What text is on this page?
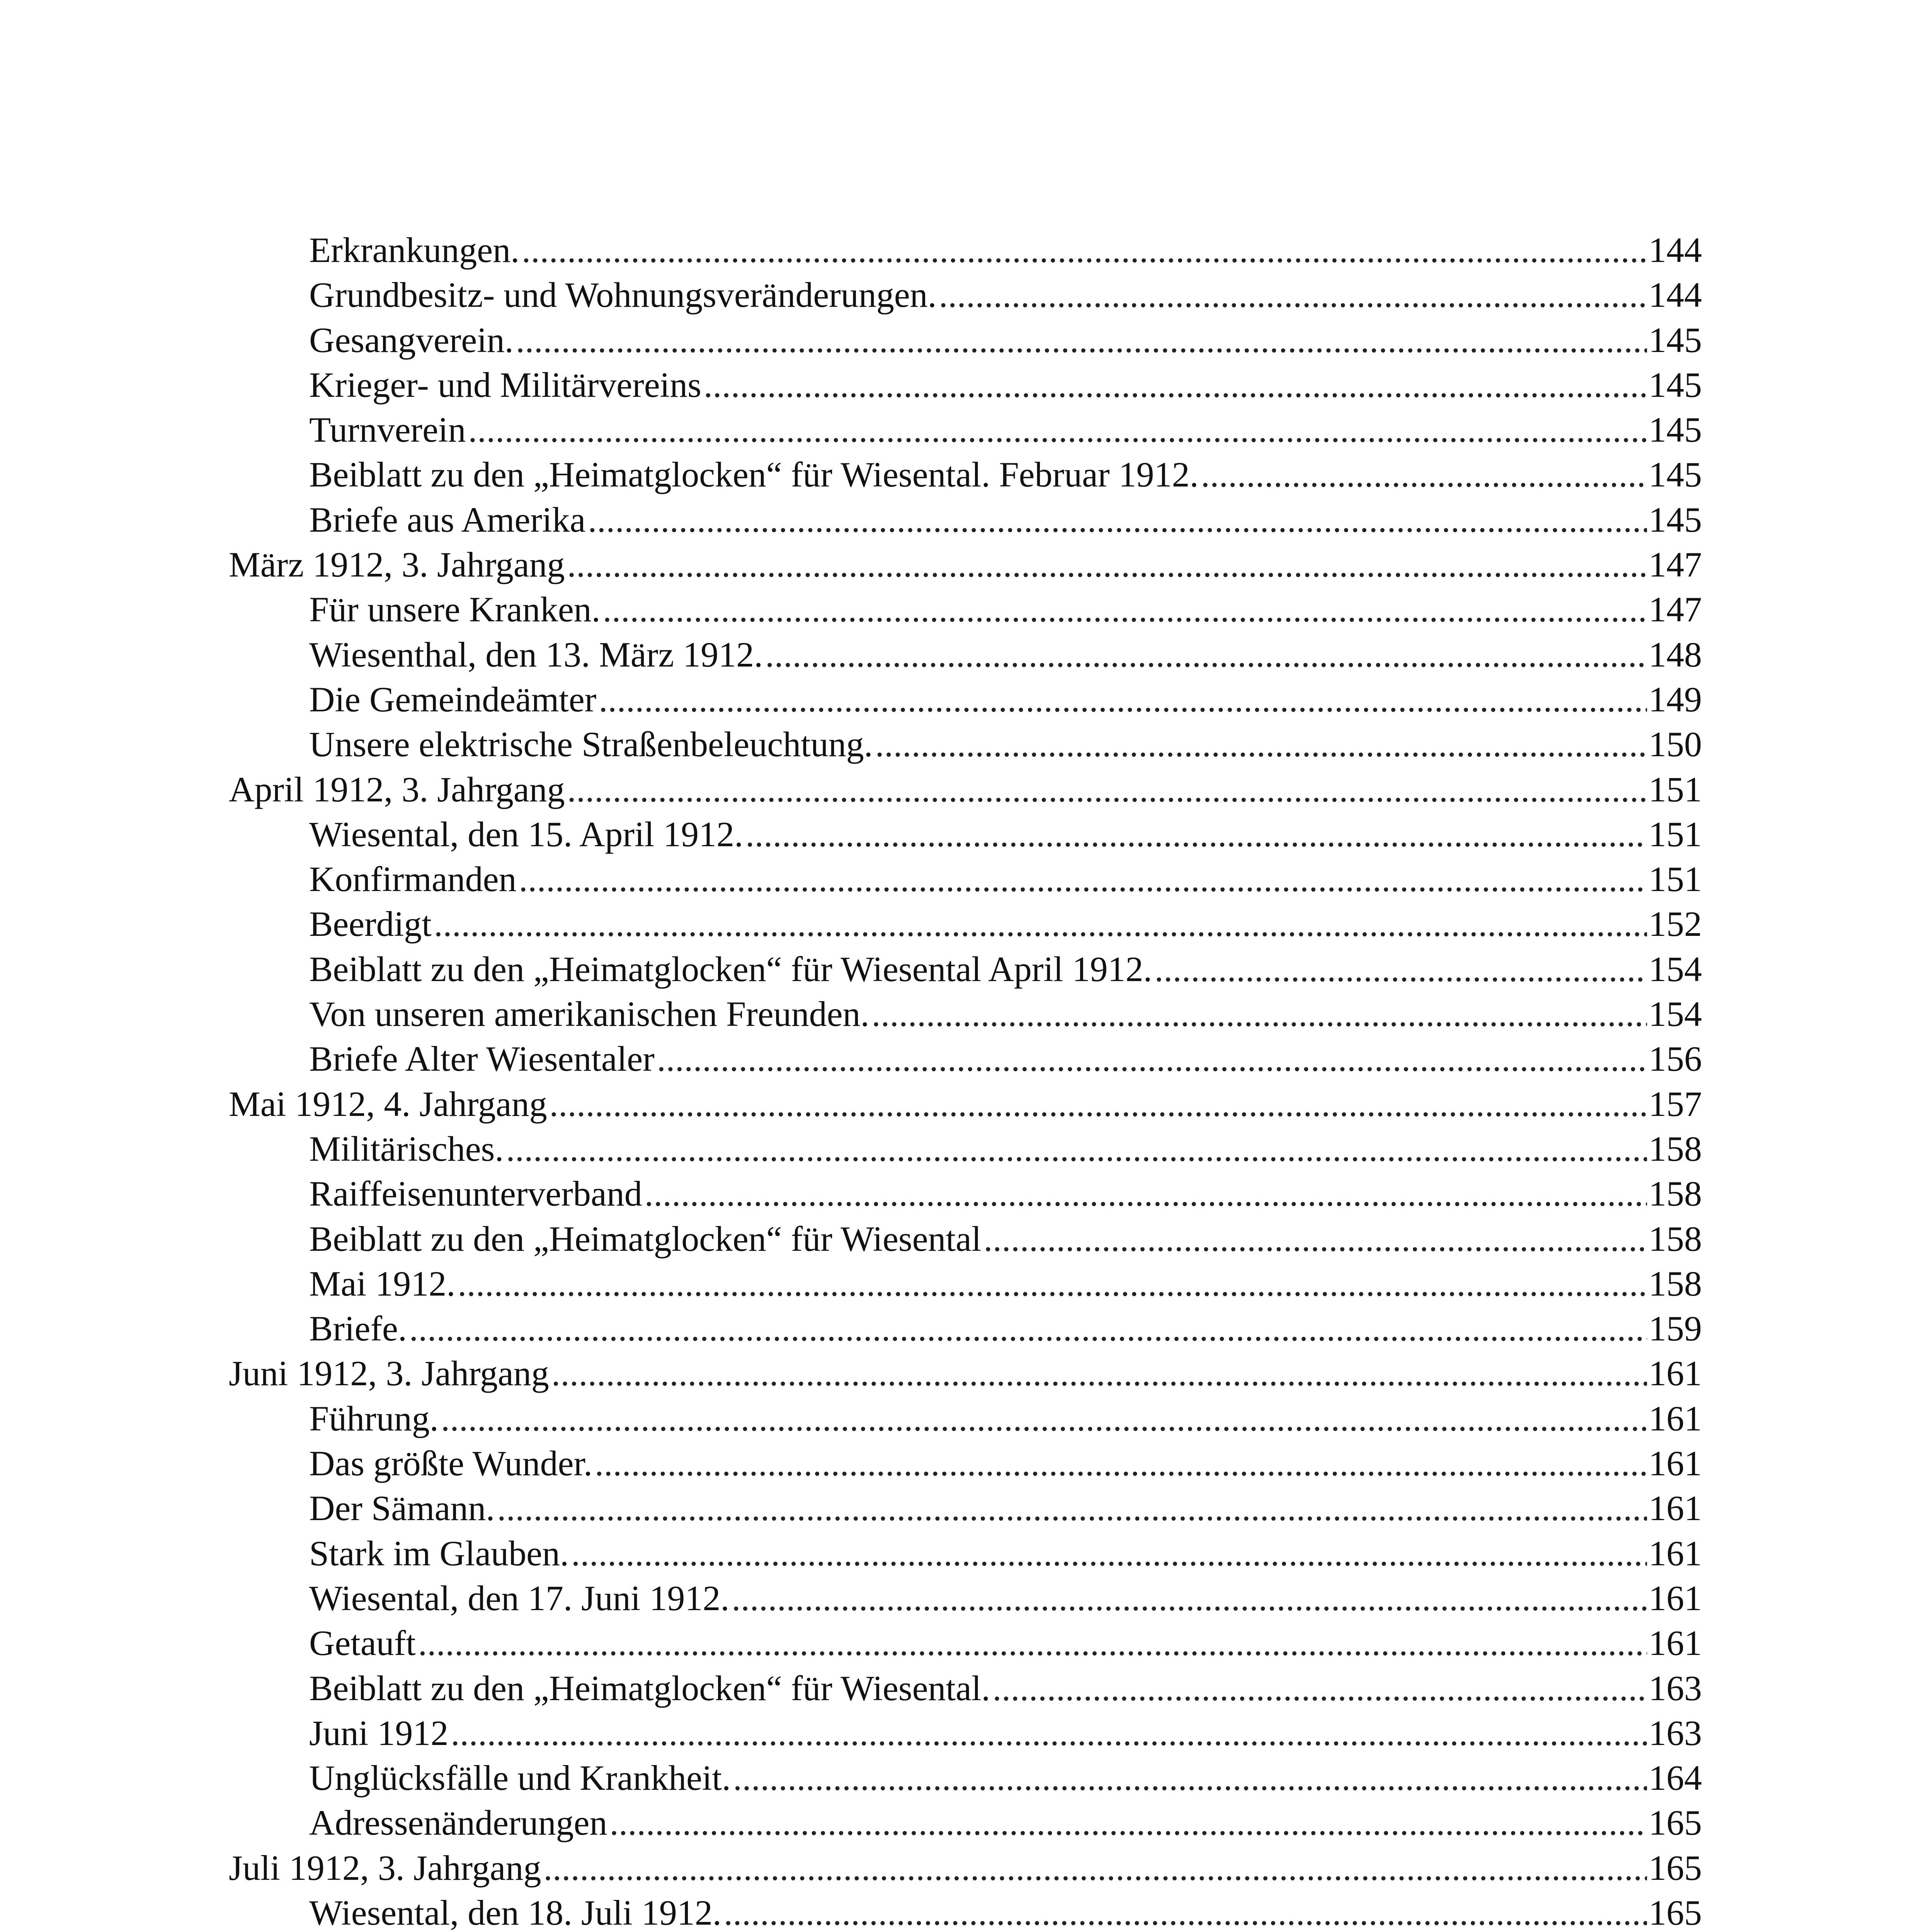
Erkrankungen. .....	144
Grundbesitz- und Wohnungsveränderungen. .....	144
Gesangverein. .....	145
Krieger- und Militärvereins .....	145
Turnverein .....	145
Beiblatt zu den „Heimatglocken“ für Wiesental. Februar 1912. .....	145
Briefe aus Amerika .....	145
März 1912, 3. Jahrgang .....	147
Für unsere Kranken. .....	147
Wiesenthal, den 13. März 1912. .....	148
Die Gemeindeämter .....	149
Unsere elektrische Straßenbeleuchtung. .....	150
April 1912, 3. Jahrgang .....	151
Wiesental, den 15. April 1912. .....	151
Konfirmanden .....	151
Beerdigt .....	152
Beiblatt zu den „Heimatglocken“ für Wiesental April 1912. .....	154
Von unseren amerikanischen Freunden. .....	154
Briefe Alter Wiesentaler .....	156
Mai 1912, 4. Jahrgang .....	157
Militärisches. .....	158
Raiffeisenunterverband .....	158
Beiblatt zu den „Heimatglocken“ für Wiesental .....	158
Mai 1912. .....	158
Briefe. .....	159
Juni 1912, 3. Jahrgang .....	161
Führung. .....	161
Das größte Wunder. .....	161
Der Sämann. .....	161
Stark im Glauben. .....	161
Wiesental, den 17. Juni 1912. .....	161
Getauft .....	161
Beiblatt zu den „Heimatglocken“ für Wiesental. .....	163
Juni 1912 .....	163
Unglücksfälle und Krankheit. .....	164
Adressenänderungen .....	165
Juli 1912, 3. Jahrgang .....	165
Wiesental, den 18. Juli 1912. .....	165
